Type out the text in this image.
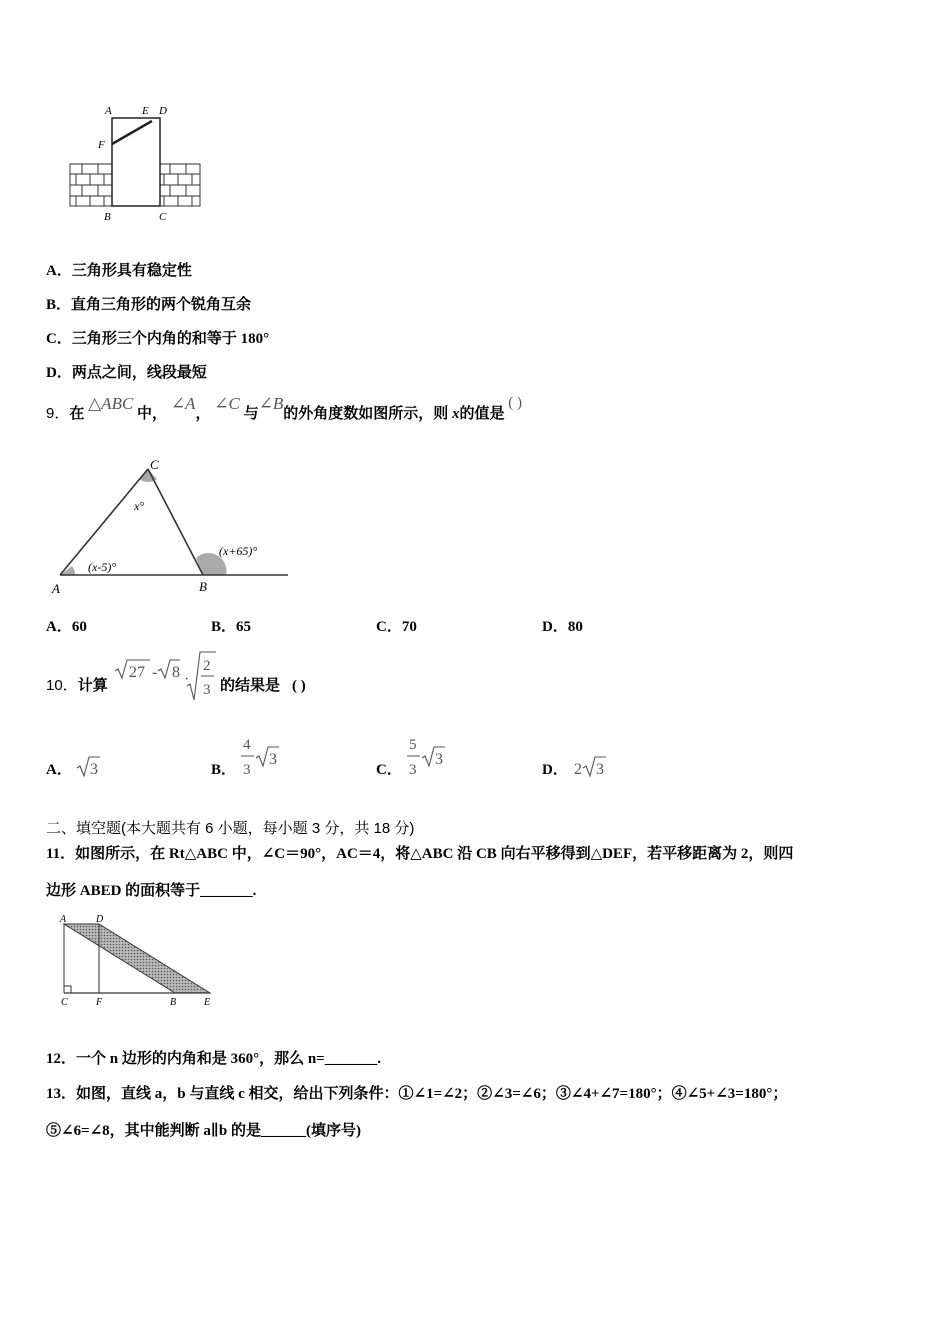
A	E D
F
B	C
A．三角形具有稳定性
B．直角三角形的两个锐角互余
C．三角形三个内角的和等于 180°
D．两点之间，线段最短
9．在 △ABC 中， ∠A， ∠C 与∠B的外角度数如图所示，则 x的值是 ( )
A	B
C
x°
(x-5)°
(x+65)°
A．60	B．65	C．70	D．80
10．计算
27 - 8 ·
2
3 的结果是 ( )
A． 3	B．
4
3
3
C．
5
3
3
D． 2 3
二、填空题(本大题共有 6 小题，每小题 3 分，共 18 分)
11．如图所示，在 Rt△ABC 中，∠C＝90°，AC＝4，将△ABC 沿 CB 向右平移得到△DEF，若平移距离为 2，则四
边形 ABED 的面积等于_______.
A	D
C	F	B	E
12．一个 n 边形的内角和是 360°，那么 n=_______.
13．如图，直线 a，b 与直线 c 相交，给出下列条件：①∠1=∠2；②∠3=∠6；③∠4+∠7=180°；④∠5+∠3=180°；
⑤∠6=∠8，其中能判断 a∥b 的是______(填序号)
